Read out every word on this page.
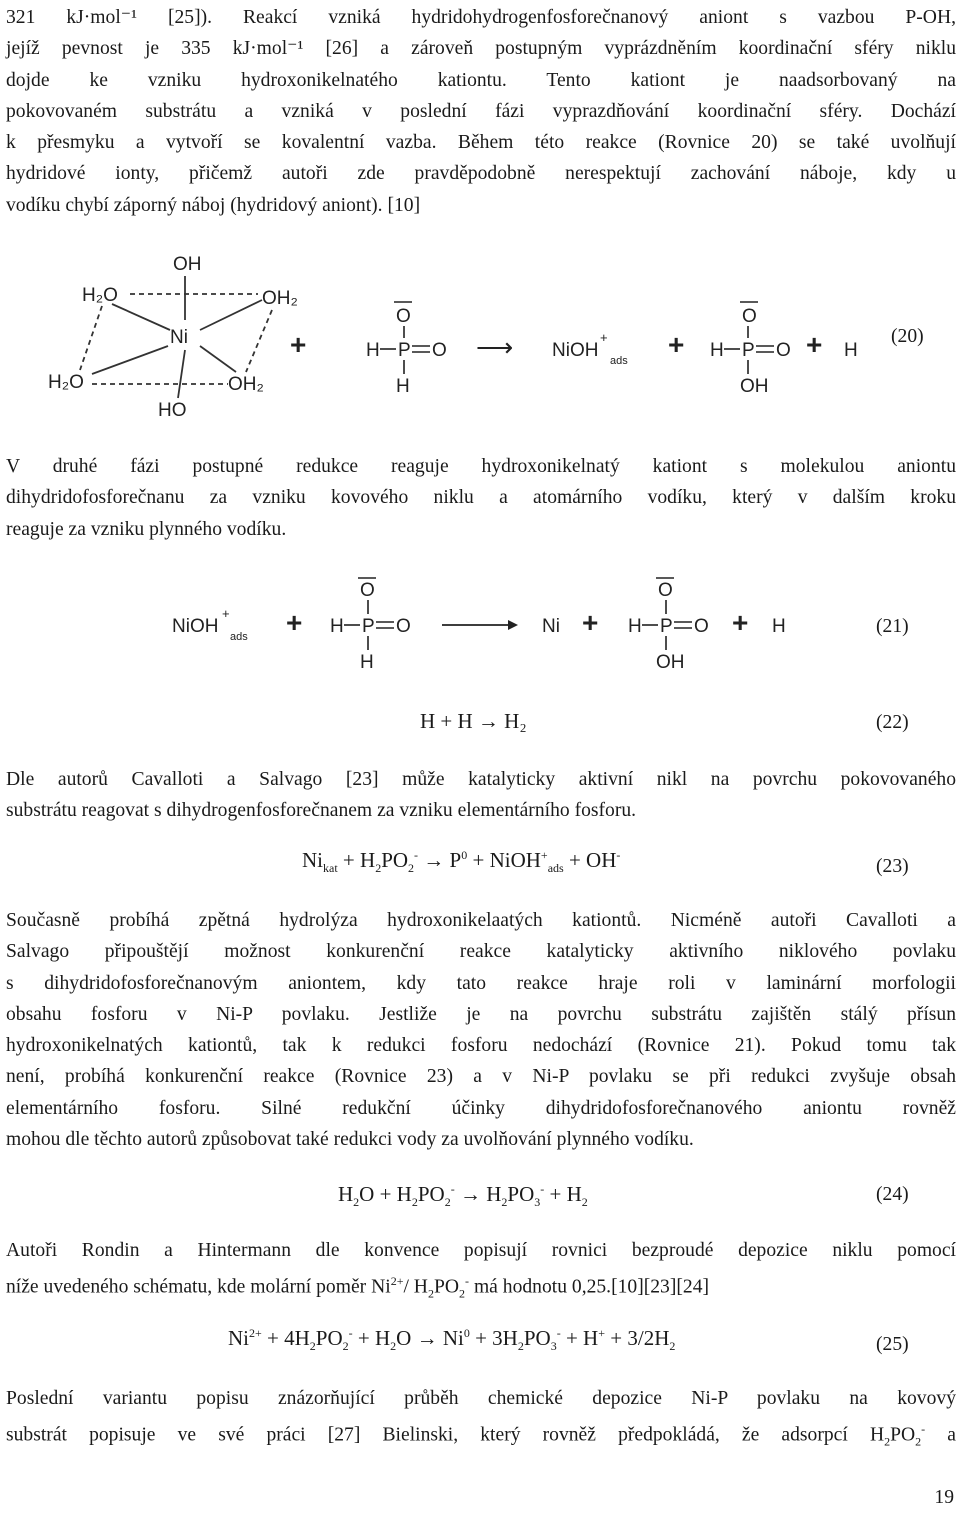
321 kJ·mol⁻¹ [25]). Reakcí vzniká hydridohydrogenfosforečnanový aniont s vazbou P-OH,
jejíž pevnost je 335 kJ·mol⁻¹ [26] a zároveň postupným vyprázdněním koordinační sféry niklu
dojde ke vzniku hydroxonikelnatého kationtu. Tento kationt je naadsorbovaný na
pokovovaném substrátu a vzniká v poslední fázi vyprazdňování koordinační sféry. Dochází
k přesmyku a vytvoří se kovalentní vazba. Během této reakce (Rovnice 20) se také uvolňují
hydridové ionty, přičemž autoři zde pravděpodobně nerespektují zachování náboje, kdy u
vodíku chybí záporný náboj (hydridový aniont). [10]
OH
H₂O	OH₂
Ni
H₂O	OH₂
HO
+
O
H P O
H
⟶ NiOH
+
ads
+
O
H P O
OH
+ H
(20)
V druhé fázi postupné redukce reaguje hydroxonikelnatý kationt s molekulou aniontu
dihydridofosforečnanu za vzniku kovového niklu a atomárního vodíku, který v dalším kroku
reaguje za vzniku plynného vodíku.
NiOH
+
ads +
O
H P O
H
Ni +
O
H P O
OH
+ H	(21)
H + H → H₂	(22)
Dle autorů Cavalloti a Salvago [23] může katalyticky aktivní nikl na povrchu pokovovaného
substrátu reagovat s dihydrogenfosforečnanem za vzniku elementárního fosforu.
$Ni_{kat} + H_2PO_2^- \to P^0$ + NiOH+$_{ads}$ + OH-
(23)
Současně probíhá zpětná hydrolýza hydroxonikelaatých kationtů. Nicméně autoři Cavalloti a
Salvago připouštějí možnost konkurenční reakce katalyticky aktivního niklového povlaku
s dihydridofosforečnanovým aniontem, kdy tato reakce hraje roli v laminární morfologii
obsahu fosforu v Ni-P povlaku. Jestliže je na povrchu substrátu zajištěn stálý přísun
hydroxonikelnatých kationtů, tak k redukci fosforu nedochází (Rovnice 21). Pokud tomu tak
není, probíhá konkurenční reakce (Rovnice 23) a v Ni-P povlaku se při redukci zvyšuje obsah
elementárního fosforu. Silné redukční účinky dihydridofosforečnanového aniontu rovněž
mohou dle těchto autorů způsobovat také redukci vody za uvolňování plynného vodíku.
$H_2O + H_2PO_2^- \to H_2PO_3^- + H_2$	(24)
Autoři Rondin a Hintermann dle konvence popisují rovnici bezproudé depozice niklu pomocí
níže uvedeného schématu, kde molární poměr $Ni^{2+}/$ $H_2PO_2^-$ má hodnotu 0,25.[10][23][24]
$Ni^{2+} + 4H_2PO_2^- + H_2O \to Ni^0 + 3H_2PO_3^- + H^+ + 3/2H_2$	(25)
Poslední variantu popisu znázorňující průběh chemické depozice Ni-P povlaku na kovový
substrát popisuje ve své práci [27] Bielinski, který rovněž předpokládá, že adsorpcí $H_2PO_2^-$ a
19
